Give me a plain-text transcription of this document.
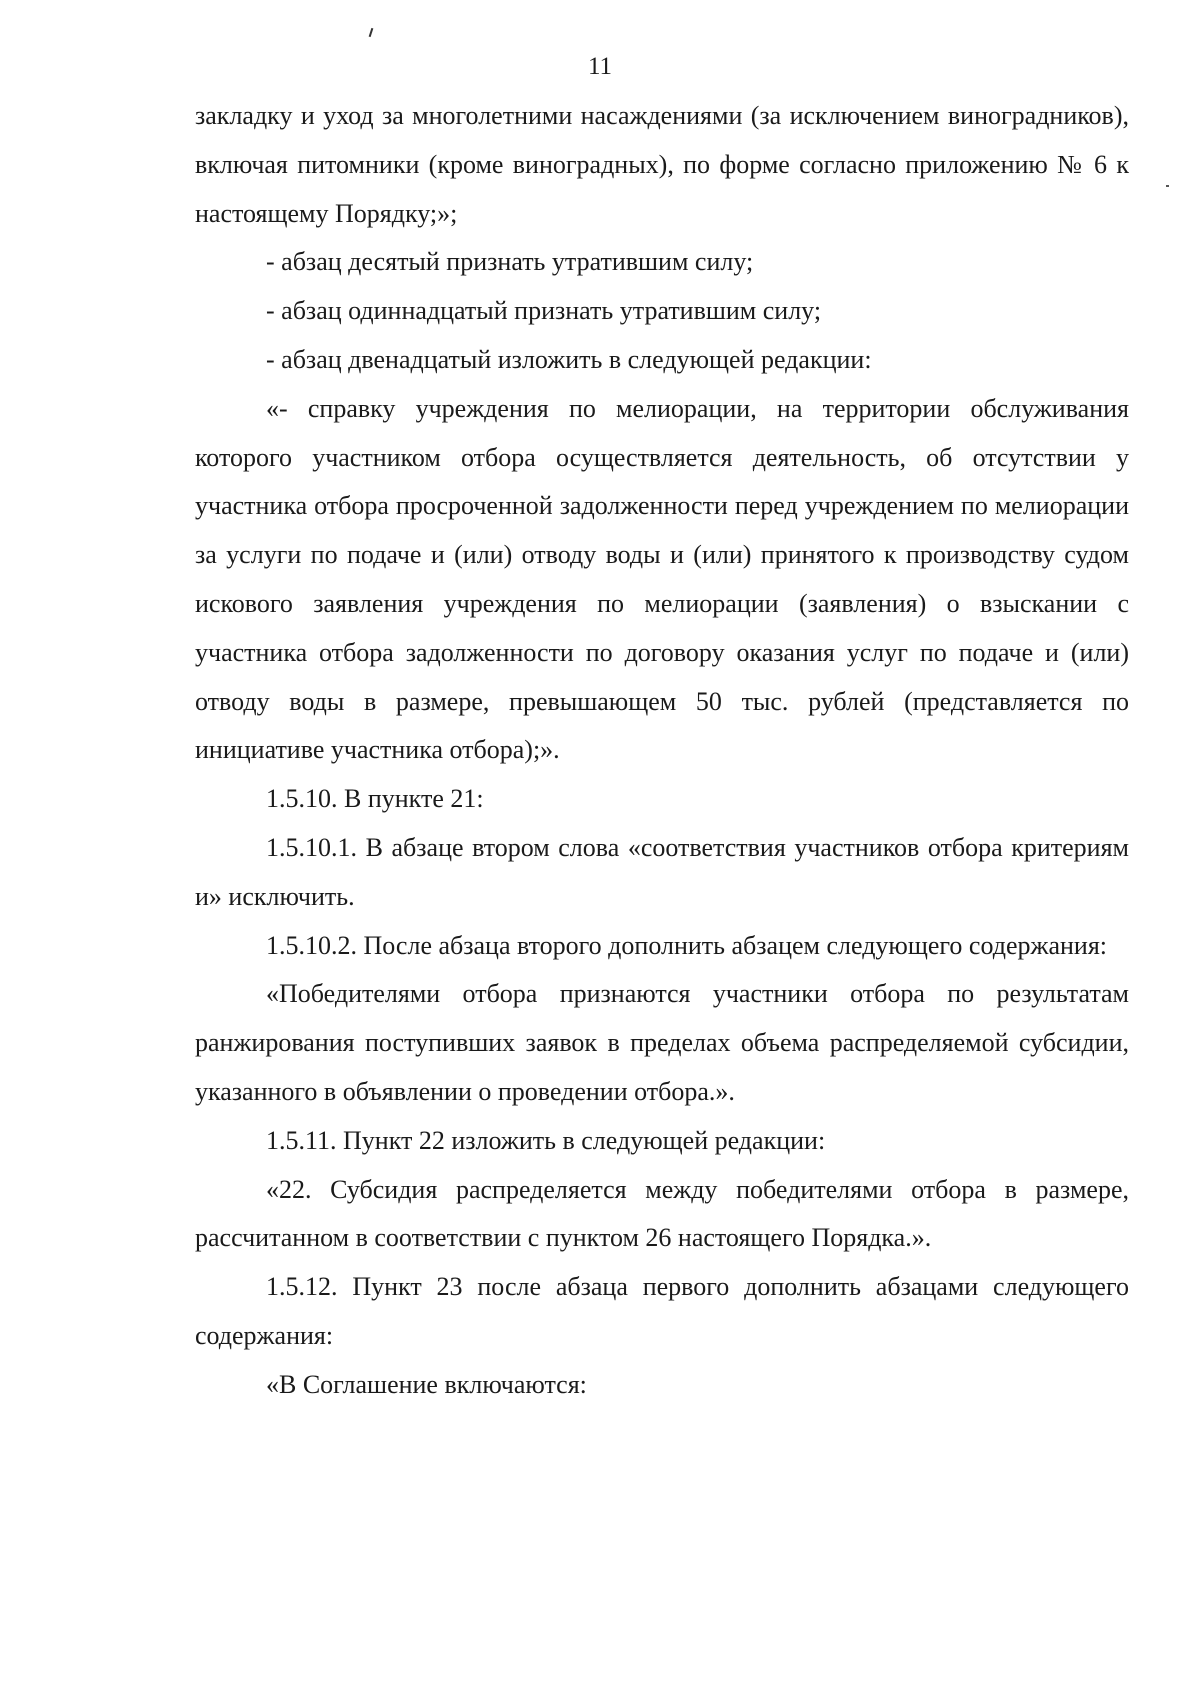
11

закладку и уход за многолетними насаждениями (за исключением виноградников), включая питомники (кроме виноградных), по форме согласно приложению № 6 к настоящему Порядку;»;

- абзац десятый признать утратившим силу;

- абзац одиннадцатый признать утратившим силу;

- абзац двенадцатый изложить в следующей редакции:

«- справку учреждения по мелиорации, на территории обслуживания которого участником отбора осуществляется деятельность, об отсутствии у участника отбора просроченной задолженности перед учреждением по мелиорации за услуги по подаче и (или) отводу воды и (или) принятого к производству судом искового заявления учреждения по мелиорации (заявления) о взыскании с участника отбора задолженности по договору оказания услуг по подаче и (или) отводу воды в размере, превышающем 50 тыс. рублей (представляется по инициативе участника отбора);».

1.5.10. В пункте 21:

1.5.10.1. В абзаце втором слова «соответствия участников отбора критериям и» исключить.

1.5.10.2. После абзаца второго дополнить абзацем следующего содержания:

«Победителями отбора признаются участники отбора по результатам ранжирования поступивших заявок в пределах объема распределяемой субсидии, указанного в объявлении о проведении отбора.».

1.5.11. Пункт 22 изложить в следующей редакции:

«22. Субсидия распределяется между победителями отбора в размере, рассчитанном в соответствии с пунктом 26 настоящего Порядка.».

1.5.12. Пункт 23 после абзаца первого дополнить абзацами следующего содержания:

«В Соглашение включаются:
